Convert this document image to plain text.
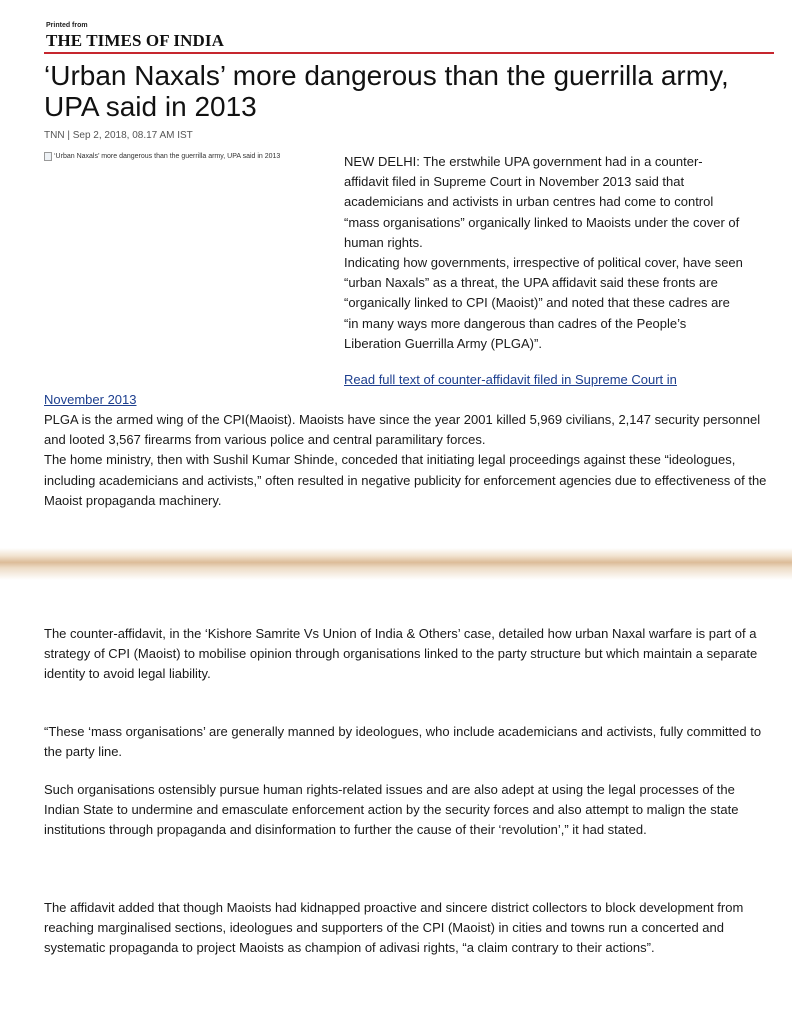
Printed from
THE TIMES OF INDIA
‘Urban Naxals’ more dangerous than the guerrilla army, UPA said in 2013
TNN | Sep 2, 2018, 08.17 AM IST
‘Urban Naxals’ more dangerous than the guerrilla army, UPA said in 2013	NEW DELHI: The erstwhile UPA government had in a counter-affidavit filed in Supreme Court in November 2013 said that academicians and activists in urban centres had come to control “mass organisations” organically linked to Maoists under the cover of human rights.
Indicating how governments, irrespective of political cover, have seen “urban Naxals” as a threat, the UPA affidavit said these fronts are “organically linked to CPI (Maoist)” and noted that these cadres are “in many ways more dangerous than cadres of the People’s Liberation Guerrilla Army (PLGA)”.

Read full text of counter-affidavit filed in Supreme Court in
November 2013

PLGA is the armed wing of the CPI(Maoist). Maoists have since the year 2001 killed 5,969 civilians, 2,147 security personnel and looted 3,567 firearms from various police and central paramilitary forces.
The home ministry, then with Sushil Kumar Shinde, conceded that initiating legal proceedings against these “ideologues, including academicians and activists,” often resulted in negative publicity for enforcement agencies due to effectiveness of the Maoist propaganda machinery.

The counter-affidavit, in the ‘Kishore Samrite Vs Union of India & Others’ case, detailed how urban Naxal warfare is part of a strategy of CPI (Maoist) to mobilise opinion through organisations linked to the party structure but which maintain a separate identity to avoid legal liability.

“These ‘mass organisations’ are generally manned by ideologues, who include academicians and activists, fully committed to the party line.

Such organisations ostensibly pursue human rights-related issues and are also adept at using the legal processes of the Indian State to undermine and emasculate enforcement action by the security forces and also attempt to malign the state institutions through propaganda and disinformation to further the cause of their ‘revolution’,” it had stated.

The affidavit added that though Maoists had kidnapped proactive and sincere district collectors to block development from reaching marginalised sections, ideologues and supporters of the CPI (Maoist) in cities and towns run a concerted and systematic propaganda to project Maoists as champion of adivasi rights, “a claim contrary to their actions”.
